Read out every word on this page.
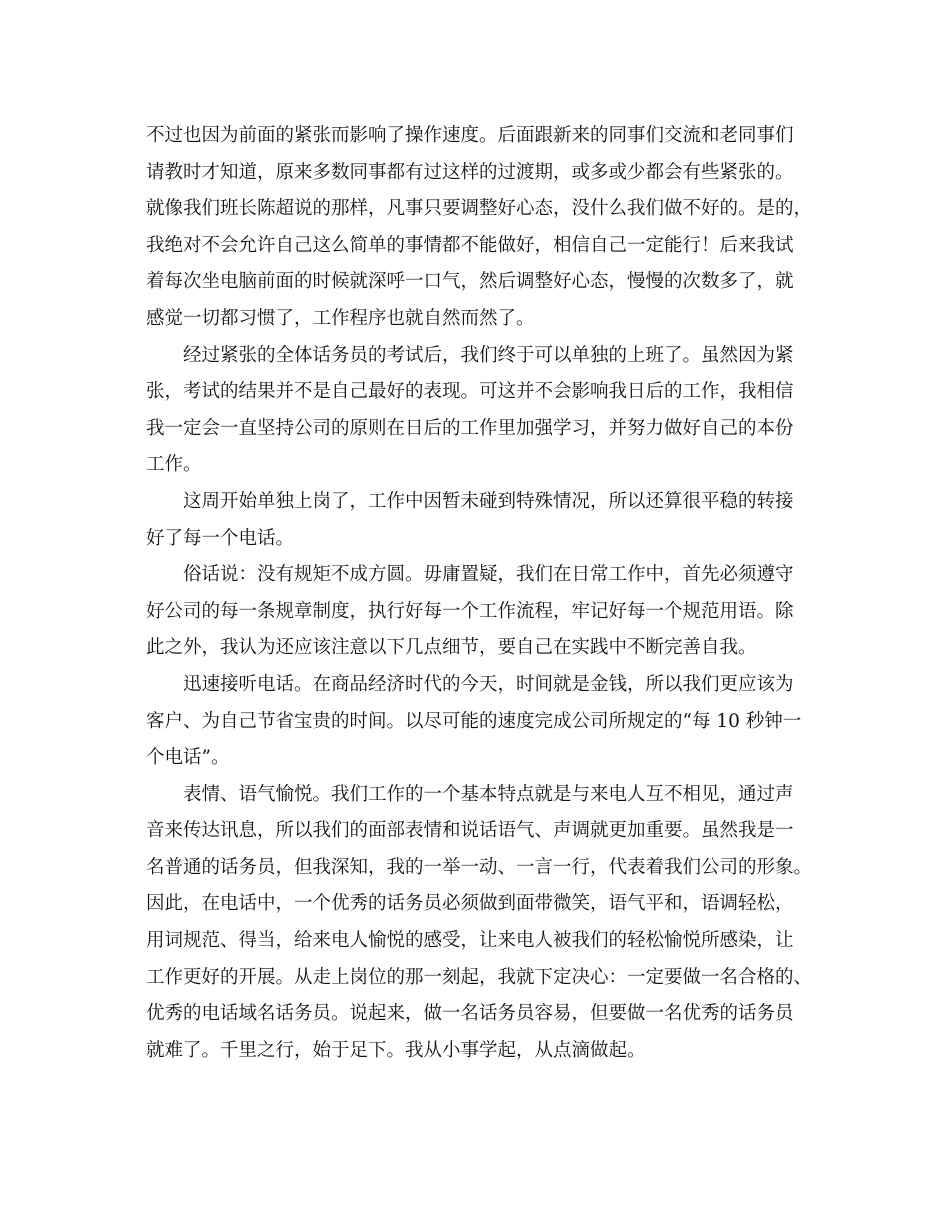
不过也因为前面的紧张而影响了操作速度。后面跟新来的同事们交流和老同事们
请教时才知道，原来多数同事都有过这样的过渡期，或多或少都会有些紧张的。
就像我们班长陈超说的那样，凡事只要调整好心态，没什么我们做不好的。是的，
我绝对不会允许自己这么简单的事情都不能做好，相信自己一定能行！后来我试
着每次坐电脑前面的时候就深呼一口气，然后调整好心态，慢慢的次数多了，就
感觉一切都习惯了，工作程序也就自然而然了。
经过紧张的全体话务员的考试后，我们终于可以单独的上班了。虽然因为紧
张，考试的结果并不是自己最好的表现。可这并不会影响我日后的工作，我相信
我一定会一直坚持公司的原则在日后的工作里加强学习，并努力做好自己的本份
工作。
这周开始单独上岗了，工作中因暂未碰到特殊情况，所以还算很平稳的转接
好了每一个电话。
俗话说：没有规矩不成方圆。毋庸置疑，我们在日常工作中，首先必须遵守
好公司的每一条规章制度，执行好每一个工作流程，牢记好每一个规范用语。除
此之外，我认为还应该注意以下几点细节，要自己在实践中不断完善自我。
迅速接听电话。在商品经济时代的今天，时间就是金钱，所以我们更应该为
客户、为自己节省宝贵的时间。以尽可能的速度完成公司所规定的“每 10 秒钟一
个电话”。
表情、语气愉悦。我们工作的一个基本特点就是与来电人互不相见，通过声
音来传达讯息，所以我们的面部表情和说话语气、声调就更加重要。虽然我是一
名普通的话务员，但我深知，我的一举一动、一言一行，代表着我们公司的形象。
因此，在电话中，一个优秀的话务员必须做到面带微笑，语气平和，语调轻松，
用词规范、得当，给来电人愉悦的感受，让来电人被我们的轻松愉悦所感染，让
工作更好的开展。从走上岗位的那一刻起，我就下定决心：一定要做一名合格的、
优秀的电话域名话务员。说起来，做一名话务员容易，但要做一名优秀的话务员
就难了。千里之行，始于足下。我从小事学起，从点滴做起。
